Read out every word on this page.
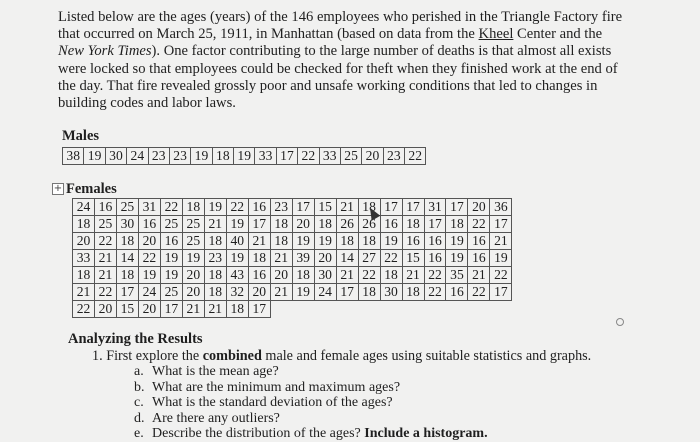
Listed below are the ages (years) of the 146 employees who perished in the Triangle Factory fire
that occurred on March 25, 1911, in Manhattan (based on data from the Kheel Center and the
New York Times). One factor contributing to the large number of deaths is that almost all exists
were locked so that employees could be checked for theft when they finished work at the end of
the day. That fire revealed grossly poor and unsafe working conditions that led to changes in
building codes and labor laws.
Males
38	19	30	24	23	23	19	18	19	33	17	22	33	25	20	23	22
+ Females
24	16	25	31	22	18	19	22	16	23	17	15	21	18	17	17	31	17	20	36
18	25	30	16	25	25	21	19	17	18	20	18	26	26	16	18	17	18	22	17
20	22	18	20	16	25	18	40	21	18	19	19	18	18	19	16	16	19	16	21
33	21	14	22	19	19	23	19	18	21	39	20	14	27	22	15	16	19	16	19
18	21	18	19	19	20	18	43	16	20	18	30	21	22	18	21	22	35	21	22
21	22	17	24	25	20	18	32	20	21	19	24	17	18	30	18	22	16	22	17
22	20	15	20	17	21	21	18	17											
Analyzing the Results
1. First explore the combined male and female ages using suitable statistics and graphs.
a. What is the mean age?
b. What are the minimum and maximum ages?
c. What is the standard deviation of the ages?
d. Are there any outliers?
e. Describe the distribution of the ages? Include a histogram.
